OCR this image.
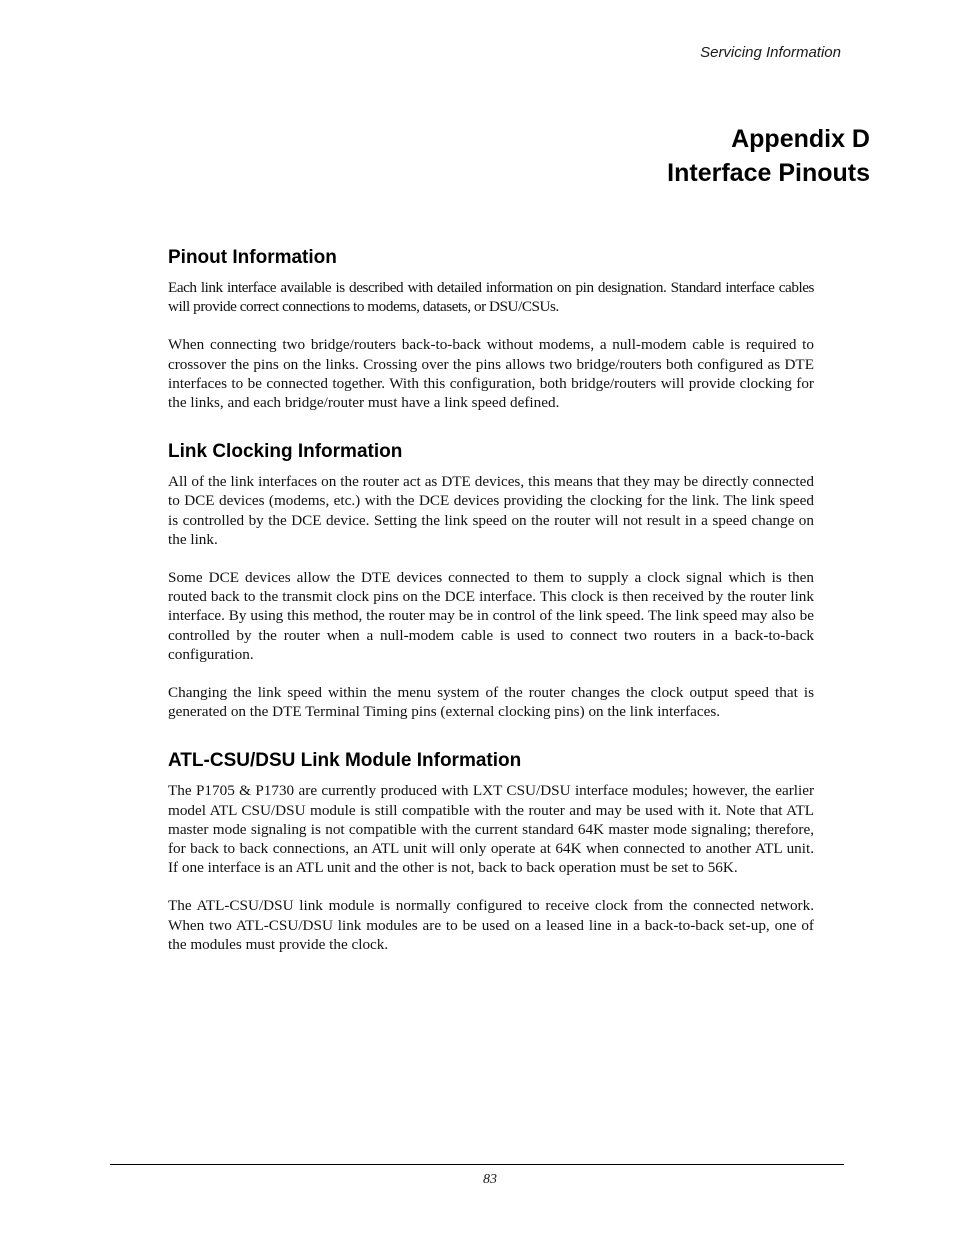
Servicing Information
Appendix D
Interface Pinouts
Pinout Information

Each link interface available is described with detailed information on pin designation. Standard interface cables will provide correct connections to modems, datasets, or DSU/CSUs.

When connecting two bridge/routers back-to-back without modems, a null-modem cable is required to crossover the pins on the links. Crossing over the pins allows two bridge/routers both configured as DTE interfaces to be connected together. With this configuration, both bridge/routers will provide clocking for the links, and each bridge/router must have a link speed defined.

Link Clocking Information

All of the link interfaces on the router act as DTE devices, this means that they may be directly connected to DCE devices (modems, etc.) with the DCE devices providing the clocking for the link. The link speed is controlled by the DCE device. Setting the link speed on the router will not result in a speed change on the link.

Some DCE devices allow the DTE devices connected to them to supply a clock signal which is then routed back to the transmit clock pins on the DCE interface. This clock is then received by the router link interface. By using this method, the router may be in control of the link speed. The link speed may also be controlled by the router when a null-modem cable is used to connect two routers in a back-to-back configuration.

Changing the link speed within the menu system of the router changes the clock output speed that is generated on the DTE Terminal Timing pins (external clocking pins) on the link interfaces.

ATL-CSU/DSU Link Module Information

The P1705 & P1730 are currently produced with LXT CSU/DSU interface modules; however, the earlier model ATL CSU/DSU module is still compatible with the router and may be used with it. Note that ATL master mode signaling is not compatible with the current standard 64K master mode signaling; therefore, for back to back connections, an ATL unit will only operate at 64K when connected to another ATL unit. If one interface is an ATL unit and the other is not, back to back operation must be set to 56K.

The ATL-CSU/DSU link module is normally configured to receive clock from the connected network. When two ATL-CSU/DSU link modules are to be used on a leased line in a back-to-back set-up, one of the modules must provide the clock.

83
